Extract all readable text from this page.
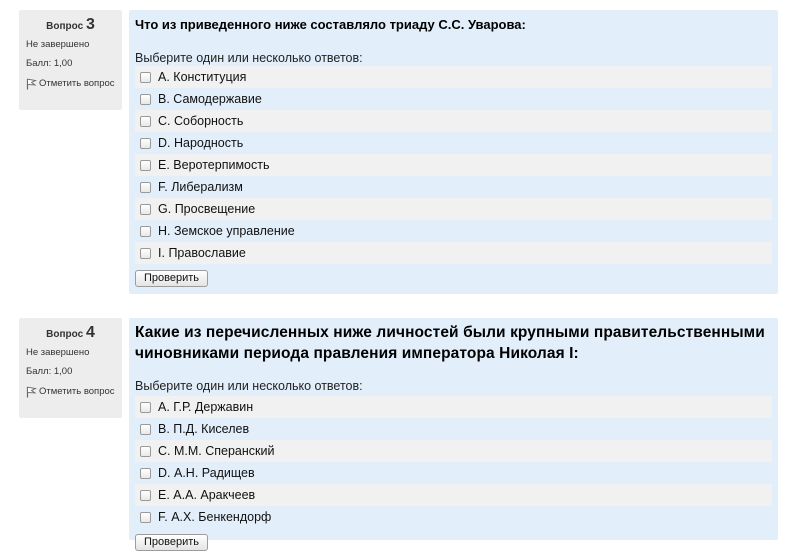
Вопрос 3
Не завершено
Балл: 1,00
Отметить вопрос
Что из приведенного ниже составляло триаду С.С. Уварова:
Выберите один или несколько ответов:
A. Конституция
B. Самодержавие
C. Соборность
D. Народность
E. Веротерпимость
F. Либерализм
G. Просвещение
H. Земское управление
I. Православие
Проверить
Вопрос 4
Не завершено
Балл: 1,00
Отметить вопрос
Какие из перечисленных ниже личностей были крупными правительственными чиновниками периода правления императора Николая I:
Выберите один или несколько ответов:
A. Г.Р. Державин
B. П.Д. Киселев
C. М.М. Сперанский
D. А.Н. Радищев
E. А.А. Аракчеев
F. А.Х. Бенкендорф
Проверить
